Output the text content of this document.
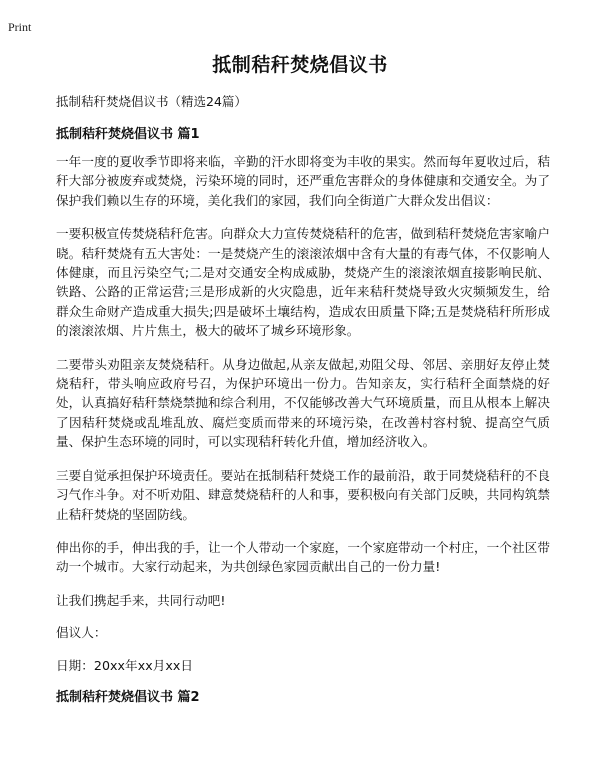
Print
抵制秸秆焚烧倡议书

抵制秸秆焚烧倡议书（精选24篇）

抵制秸秆焚烧倡议书 篇1

一年一度的夏收季节即将来临，辛勤的汗水即将变为丰收的果实。然而每年夏收过后，秸秆大部分被废弃或焚烧，污染环境的同时，还严重危害群众的身体健康和交通安全。为了保护我们赖以生存的环境，美化我们的家园，我们向全街道广大群众发出倡议：

一要积极宣传焚烧秸秆危害。向群众大力宣传焚烧秸秆的危害，做到秸秆焚烧危害家喻户晓。秸秆焚烧有五大害处：一是焚烧产生的滚滚浓烟中含有大量的有毒气体，不仅影响人体健康，而且污染空气;二是对交通安全构成威胁，焚烧产生的滚滚浓烟直接影响民航、铁路、公路的正常运营;三是形成新的火灾隐患，近年来秸秆焚烧导致火灾频频发生，给群众生命财产造成重大损失;四是破坏土壤结构，造成农田质量下降;五是焚烧秸秆所形成的滚滚浓烟、片片焦土，极大的破坏了城乡环境形象。

二要带头劝阻亲友焚烧秸秆。从身边做起,从亲友做起,劝阻父母、邻居、亲朋好友停止焚烧秸秆，带头响应政府号召，为保护环境出一份力。告知亲友，实行秸秆全面禁烧的好处，认真搞好秸秆禁烧禁抛和综合利用，不仅能够改善大气环境质量，而且从根本上解决了因秸秆焚烧或乱堆乱放、腐烂变质而带来的环境污染，在改善村容村貌、提高空气质量、保护生态环境的同时，可以实现秸秆转化升值，增加经济收入。

三要自觉承担保护环境责任。要站在抵制秸秆焚烧工作的最前沿，敢于同焚烧秸秆的不良习气作斗争。对不听劝阻、肆意焚烧秸秆的人和事，要积极向有关部门反映，共同构筑禁止秸秆焚烧的坚固防线。

伸出你的手，伸出我的手，让一个人带动一个家庭，一个家庭带动一个村庄，一个社区带动一个城市。大家行动起来，为共创绿色家园贡献出自己的一份力量!

让我们携起手来，共同行动吧!

倡议人：

日期：20xx年xx月xx日

抵制秸秆焚烧倡议书 篇2
